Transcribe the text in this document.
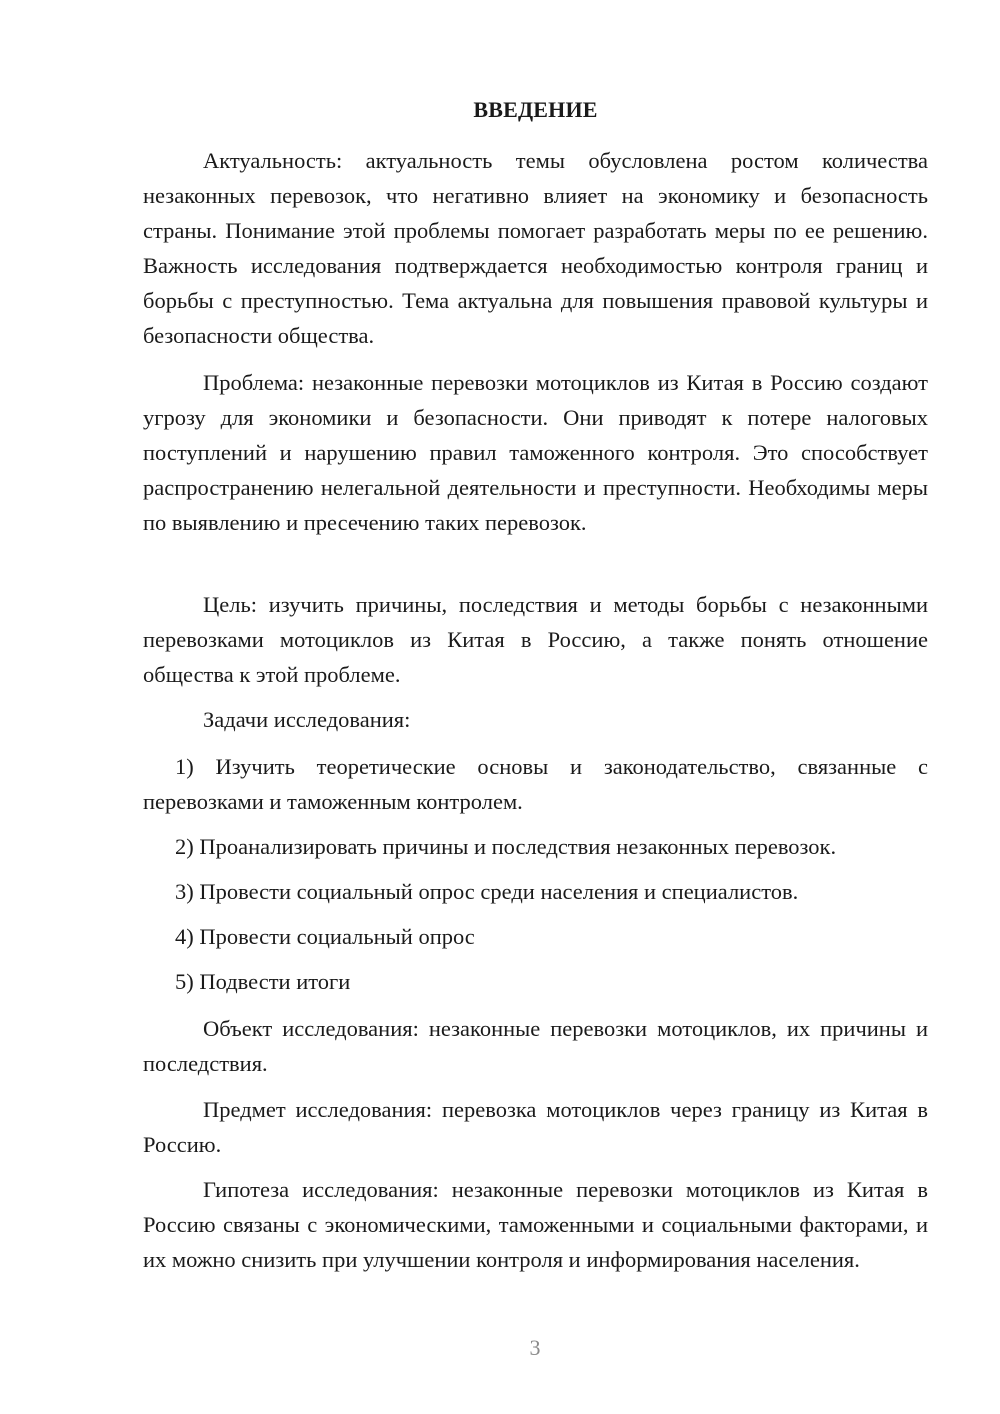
ВВЕДЕНИЕ

Актуальность: актуальность темы обусловлена ростом количества незаконных перевозок, что негативно влияет на экономику и безопасность страны. Понимание этой проблемы помогает разработать меры по ее решению. Важность исследования подтверждается необходимостью контроля границ и борьбы с преступностью. Тема актуальна для повышения правовой культуры и безопасности общества.

Проблема: незаконные перевозки мотоциклов из Китая в Россию создают угрозу для экономики и безопасности. Они приводят к потере налоговых поступлений и нарушению правил таможенного контроля. Это способствует распространению нелегальной деятельности и преступности. Необходимы меры по выявлению и пресечению таких перевозок.

Цель: изучить причины, последствия и методы борьбы с незаконными перевозками мотоциклов из Китая в Россию, а также понять отношение общества к этой проблеме.

Задачи исследования:

1) Изучить теоретические основы и законодательство, связанные с перевозками и таможенным контролем.

2) Проанализировать причины и последствия незаконных перевозок.

3) Провести социальный опрос среди населения и специалистов.

4) Провести социальный опрос

5) Подвести итоги

Объект исследования: незаконные перевозки мотоциклов, их причины и последствия.

Предмет исследования: перевозка мотоциклов через границу из Китая в Россию.

Гипотеза исследования: незаконные перевозки мотоциклов из Китая в Россию связаны с экономическими, таможенными и социальными факторами, и их можно снизить при улучшении контроля и информирования населения.

3
